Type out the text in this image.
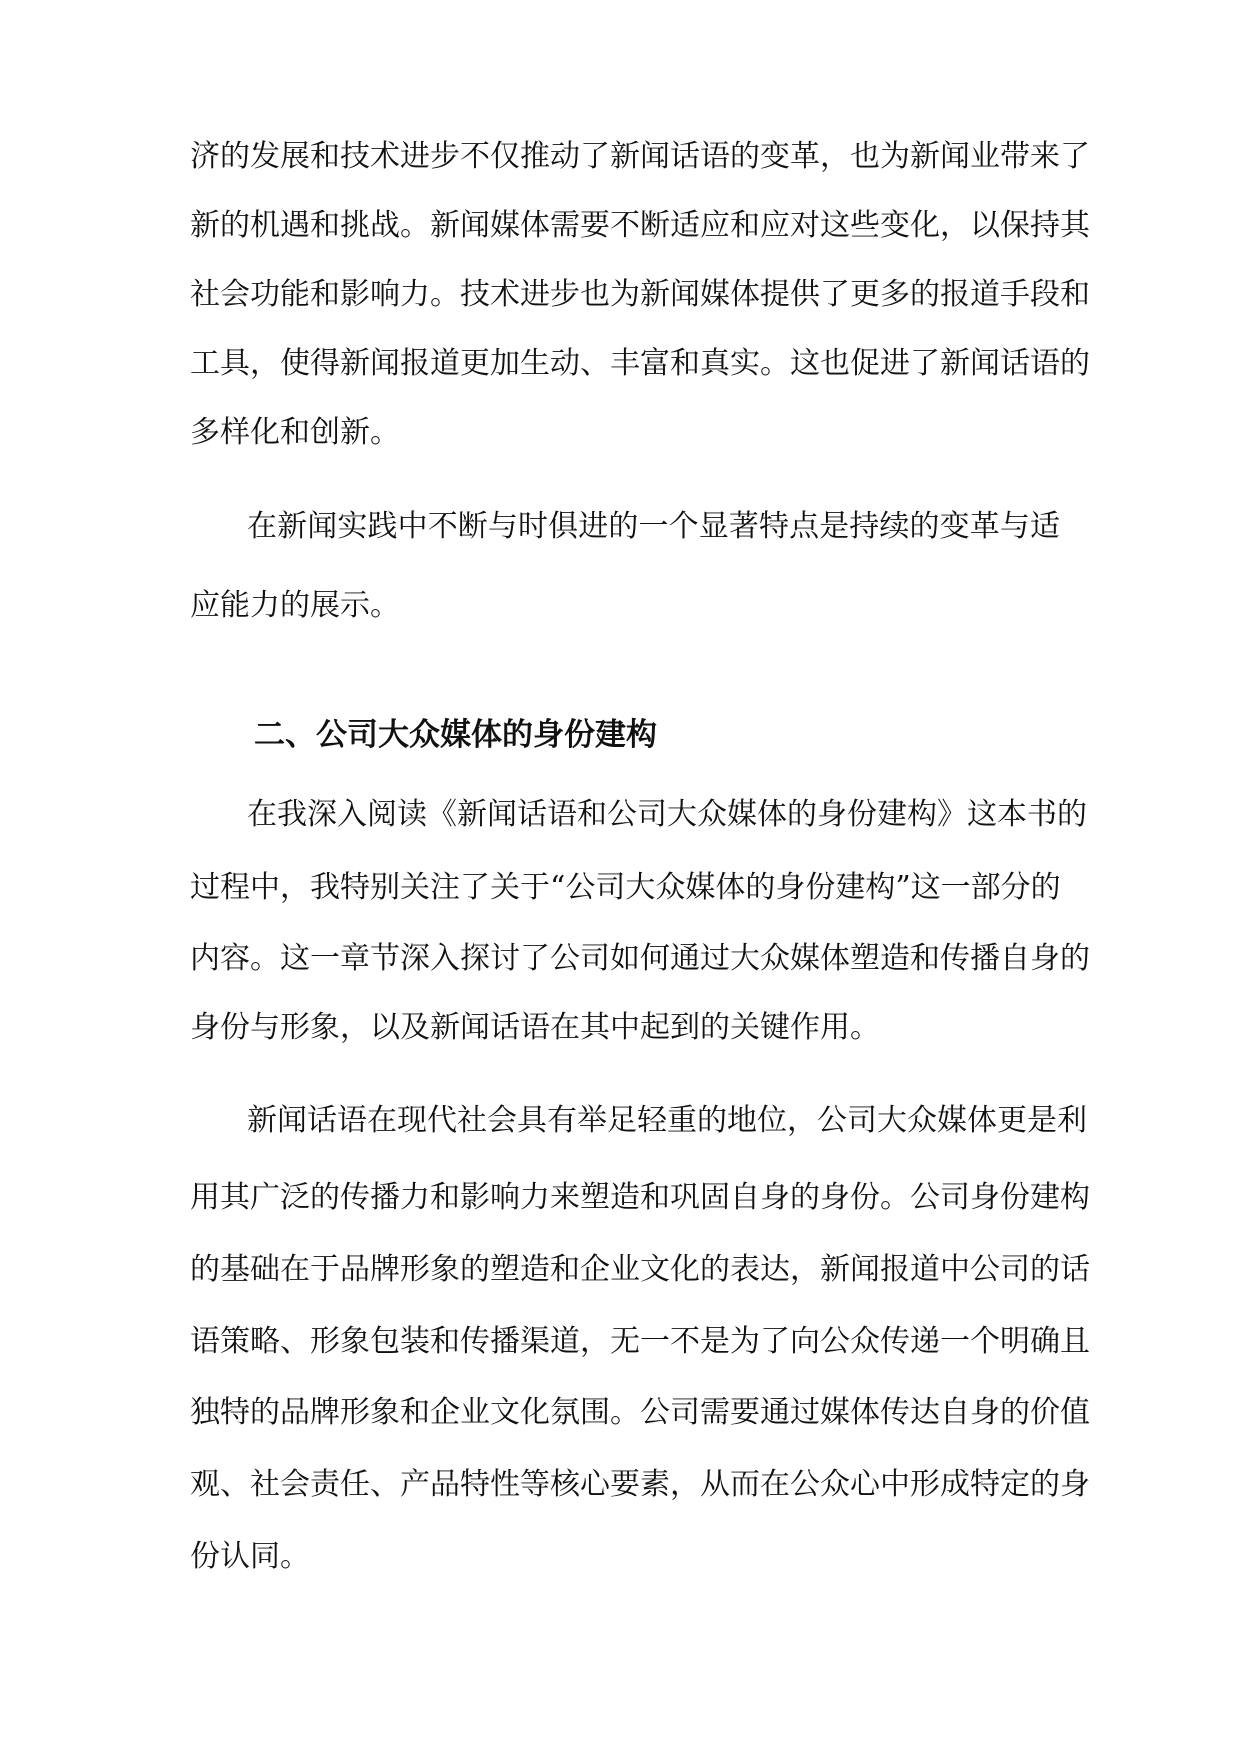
济的发展和技术进步不仅推动了新闻话语的变革，也为新闻业带来了
新的机遇和挑战。新闻媒体需要不断适应和应对这些变化，以保持其
社会功能和影响力。技术进步也为新闻媒体提供了更多的报道手段和
工具，使得新闻报道更加生动、丰富和真实。这也促进了新闻话语的
多样化和创新。
在新闻实践中不断与时俱进的一个显著特点是持续的变革与适
应能力的展示。
二、公司大众媒体的身份建构
在我深入阅读《新闻话语和公司大众媒体的身份建构》这本书的
过程中，我特别关注了关于“公司大众媒体的身份建构”这一部分的
内容。这一章节深入探讨了公司如何通过大众媒体塑造和传播自身的
身份与形象，以及新闻话语在其中起到的关键作用。
新闻话语在现代社会具有举足轻重的地位，公司大众媒体更是利
用其广泛的传播力和影响力来塑造和巩固自身的身份。公司身份建构
的基础在于品牌形象的塑造和企业文化的表达，新闻报道中公司的话
语策略、形象包装和传播渠道，无一不是为了向公众传递一个明确且
独特的品牌形象和企业文化氛围。公司需要通过媒体传达自身的价值
观、社会责任、产品特性等核心要素，从而在公众心中形成特定的身
份认同。
